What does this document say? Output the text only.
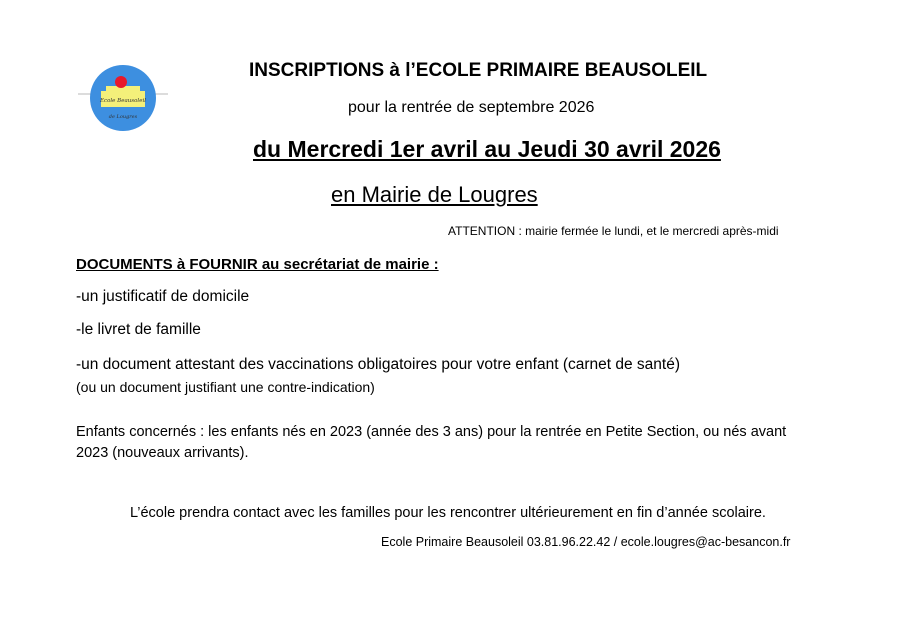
Ecole Beausoleil
de Lougres
INSCRIPTIONS à l’ECOLE PRIMAIRE BEAUSOLEIL
pour la rentrée de septembre 2026
du Mercredi 1er avril au Jeudi 30 avril 2026
en Mairie de Lougres
ATTENTION : mairie fermée le lundi, et le mercredi après-midi
DOCUMENTS à FOURNIR au secrétariat de mairie :
-un justificatif de domicile
-le livret de famille
-un document attestant des vaccinations obligatoires pour votre enfant (carnet de santé)
(ou un document justifiant une contre-indication)
Enfants concernés : les enfants nés en 2023 (année des 3 ans) pour la rentrée en Petite Section, ou nés avant 2023 (nouveaux arrivants).
L’école prendra contact avec les familles pour les rencontrer ultérieurement en fin d’année scolaire.
Ecole Primaire Beausoleil 03.81.96.22.42 / ecole.lougres@ac-besancon.fr
